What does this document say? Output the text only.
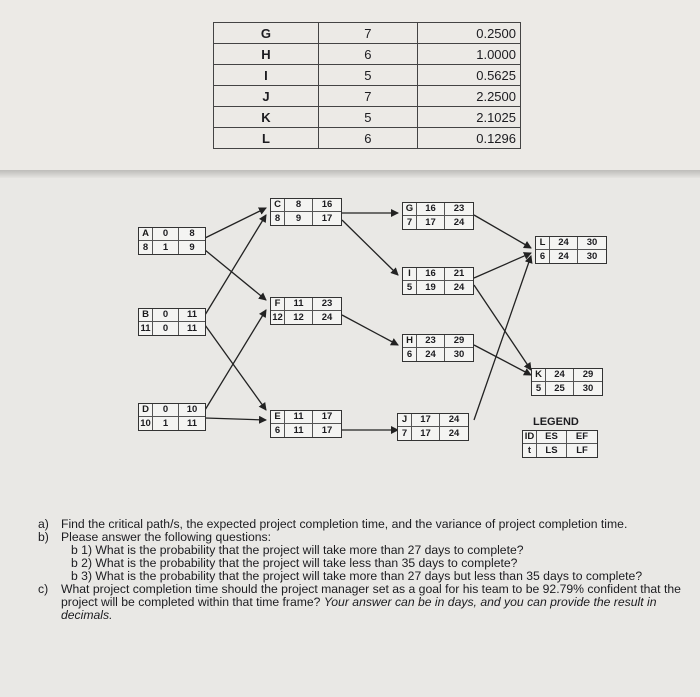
G	7	0.2500
H	6	1.0000
I	5	0.5625
J	7	2.2500
K	5	2.1025
L	6	0.1296
A	0	8
8	1	9
B	0	11
11	0	11
D	0	10
10	1	11
C	8	16
8	9	17
F	11	23
12	12	24
E	11	17
6	11	17
G	16	23
7	17	24
I	16	21
5	19	24
H	23	29
6	24	30
J	17	24
7	17	24
L	24	30
6	24	30
K	24	29
5	25	30
LEGEND
ID	ES	EF
t	LS	LF
a) Find the critical path/s, the expected project completion time, and the variance of project completion time.
b) Please answer the following questions:
b 1) What is the probability that the project will take more than 27 days to complete?
b 2) What is the probability that the project will take less than 35 days to complete?
b 3) What is the probability that the project will take more than 27 days but less than 35 days to complete?
c) What project completion time should the project manager set as a goal for his team to be 92.79% confident that the project will be completed within that time frame? Your answer can be in days, and you can provide the result in decimals.
